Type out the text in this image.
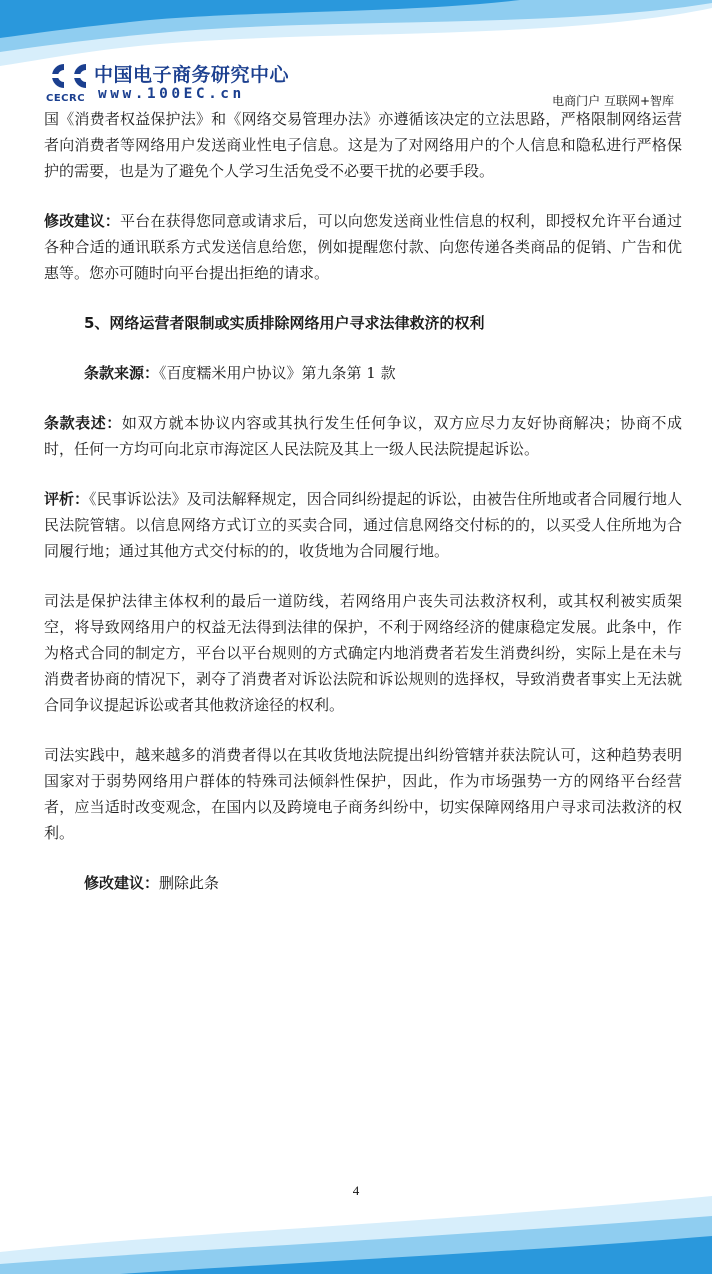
CECRC
中国电子商务研究中心
www.100EC.cn	电商门户 互联网+智库

国《消费者权益保护法》和《网络交易管理办法》亦遵循该决定的立法思路，严格限制网络运营者向消费者等网络用户发送商业性电子信息。这是为了对网络用户的个人信息和隐私进行严格保护的需要，也是为了避免个人学习生活免受不必要干扰的必要手段。

修改建议：平台在获得您同意或请求后，可以向您发送商业性信息的权利，即授权允许平台通过各种合适的通讯联系方式发送信息给您，例如提醒您付款、向您传递各类商品的促销、广告和优惠等。您亦可随时向平台提出拒绝的请求。

5、网络运营者限制或实质排除网络用户寻求法律救济的权利

条款来源：《百度糯米用户协议》第九条第 1 款

条款表述：如双方就本协议内容或其执行发生任何争议，双方应尽力友好协商解决；协商不成时，任何一方均可向北京市海淀区人民法院及其上一级人民法院提起诉讼。

评析：《民事诉讼法》及司法解释规定，因合同纠纷提起的诉讼，由被告住所地或者合同履行地人民法院管辖。以信息网络方式订立的买卖合同，通过信息网络交付标的的，以买受人住所地为合同履行地；通过其他方式交付标的的，收货地为合同履行地。

司法是保护法律主体权利的最后一道防线，若网络用户丧失司法救济权利，或其权利被实质架空，将导致网络用户的权益无法得到法律的保护，不利于网络经济的健康稳定发展。此条中，作为格式合同的制定方，平台以平台规则的方式确定内地消费者若发生消费纠纷，实际上是在未与消费者协商的情况下，剥夺了消费者对诉讼法院和诉讼规则的选择权，导致消费者事实上无法就合同争议提起诉讼或者其他救济途径的权利。

司法实践中，越来越多的消费者得以在其收货地法院提出纠纷管辖并获法院认可，这种趋势表明国家对于弱势网络用户群体的特殊司法倾斜性保护，因此，作为市场强势一方的网络平台经营者，应当适时改变观念，在国内以及跨境电子商务纠纷中，切实保障网络用户寻求司法救济的权利。

修改建议：删除此条

4
